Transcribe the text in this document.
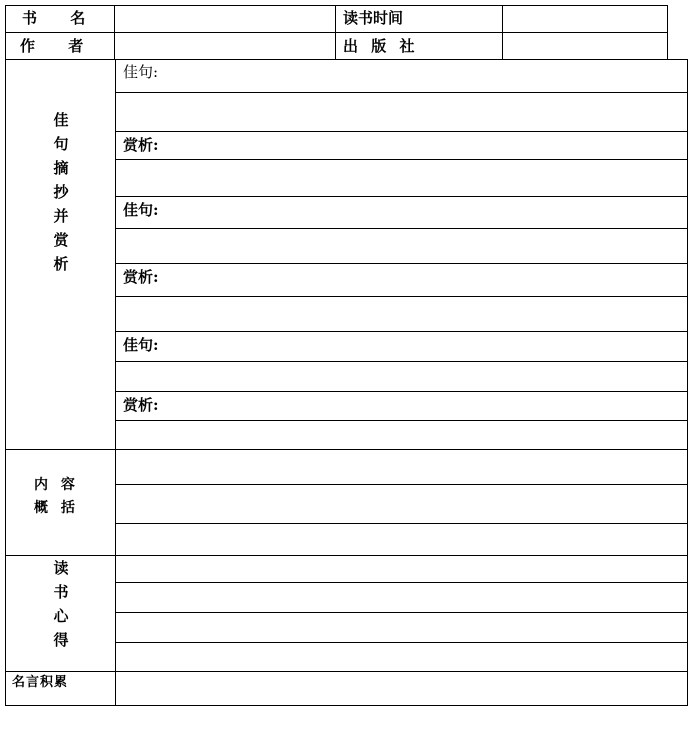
书 名	读书时间
作 者	出 版 社
佳
句
摘
抄
并
赏
析
佳句:
赏析:
佳句:
赏析:
佳句:
赏析:
内 容
概 括
读
书
心
得
名言积累
